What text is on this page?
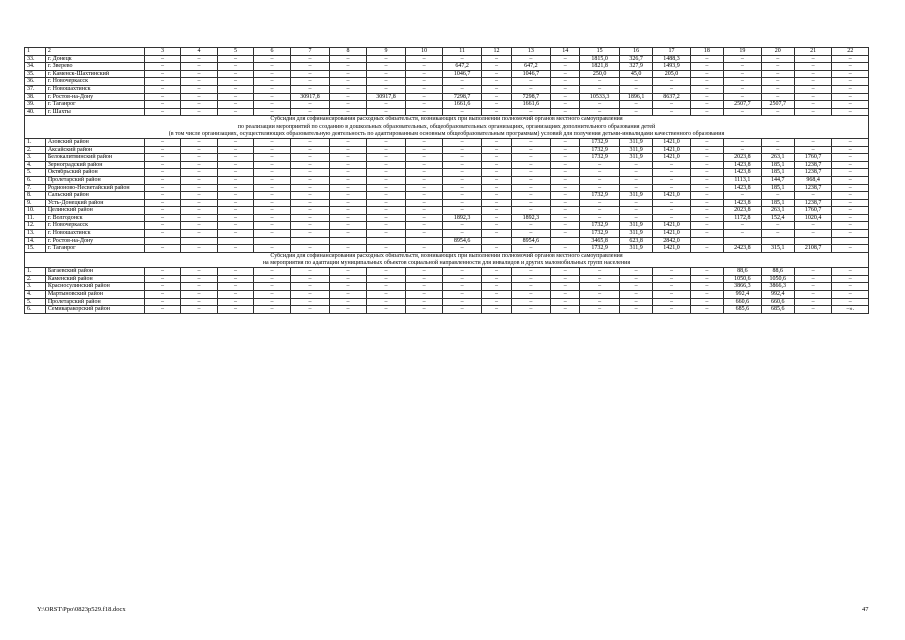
1	2	3	4	5	6	7	8	9	10	11	12	13	14	15	16	17	18	19	20	21	22
33.	г. Донецк	–	–	–	–	–	–	–	–	–	–	–	–	1815,0	326,7	1488,3	–	–	–	–	–
34.	г. Зверево	–	–	–	–	–	–	–	–	647,2	–	647,2	–	1821,8	327,9	1493,9	–	–	–	–	–
35.	г. Каменск-Шахтинский	–	–	–	–	–	–	–	–	1046,7	–	1046,7	–	250,0	45,0	205,0	–	–	–	–	–
36.	г. Новочеркасск	–	–	–	–	–	–	–	–	–	–	–	–	–	–	–	–	–	–	–	–
37.	г. Новошахтинск	–	–	–	–	–	–	–	–	–	–	–	–	–	–	–	–	–	–	–	–
38.	г. Ростов-на-Дону	–	–	–	–	30917,8	–	30917,8	–	7298,7	–	7298,7	–	10533,3	1896,1	8637,2	–	–	–	–	–
39.	г. Таганрог	–	–	–	–	–	–	–	–	1661,6	–	1661,6	–	–	–	–	–	2507,7	2507,7	–	–
40.	г. Шахты	–	–	–	–	–	–	–	–	–	–	–	–	–	–	–	–	–	–	–	–

Субсидия для софинансирования расходных обязательств, возникающих при выполнении полномочий органов местного самоуправления
по реализации мероприятий по созданию в дошкольных образовательных, общеобразовательных организациях, организациях дополнительного образования детей
(в том числе организациях, осуществляющих образовательную деятельность по адаптированным основным общеобразовательным программам) условий для получения детьми-инвалидами качественного образования																					

1.	Азовский район	–	–	–	–	–	–	–	–	–	–	–	–	1732,9	311,9	1421,0	–	–	–	–	–
2.	Аксайский район	–	–	–	–	–	–	–	–	–	–	–	–	1732,9	311,9	1421,0	–	–	–	–	–
3.	Белокалитвинский район	–	–	–	–	–	–	–	–	–	–	–	–	1732,9	311,9	1421,0	–	2023,8	263,1	1760,7	–
4.	Зерноградский район	–	–	–	–	–	–	–	–	–	–	–	–	–	–	–	–	1423,8	185,1	1238,7	–
5.	Октябрьский район	–	–	–	–	–	–	–	–	–	–	–	–	–	–	–	–	1423,8	185,1	1238,7	–
6.	Пролетарский район	–	–	–	–	–	–	–	–	–	–	–	–	–	–	–	–	1113,1	144,7	968,4	–
7.	Родионово-Несветайский район	–	–	–	–	–	–	–	–	–	–	–	–	–	–	–	–	1423,8	185,1	1238,7	–
8.	Сальский район	–	–	–	–	–	–	–	–	–	–	–	–	1732,9	311,9	1421,0	–	–	–	–	–
9.	Усть-Донецкий район	–	–	–	–	–	–	–	–	–	–	–	–	–	–	–	–	1423,8	185,1	1238,7	–
10.	Целинский район	–	–	–	–	–	–	–	–	–	–	–	–	–	–	–	–	2023,8	263,1	1760,7	–
11.	г. Волгодонск	–	–	–	–	–	–	–	–	1892,3	–	1892,3	–	–	–	–	–	1172,8	152,4	1020,4	–
12.	г. Новочеркасск	–	–	–	–	–	–	–	–	–	–	–	–	1732,9	311,9	1421,0	–	–	–	–	–
13.	г. Новошахтинск	–	–	–	–	–	–	–	–	–	–	–	–	1732,9	311,9	1421,0	–	–	–	–	–
14.	г. Ростов-на-Дону									8954,6		8954,6		3465,8	623,8	2842,0					
15.	г. Таганрог	–	–	–	–	–	–	–	–	–	–	–	–	1732,9	311,9	1421,0	–	2423,8	315,1	2108,7	–

Субсидия для софинансирования расходных обязательств, возникающих при выполнении полномочий органов местного самоуправления
на мероприятия по адаптации муниципальных объектов социальной направленности для инвалидов и других маломобильных групп населения																					

1.	Багаевский район	–	–	–	–	–	–	–	–	–	–	–	–	–	–	–	–	88,6	88,6	–	–
2.	Каменский район	–	–	–	–	–	–	–	–	–	–	–	–	–	–	–	–	1050,6	1050,6	–	–
3.	Красносулинский район	–	–	–	–	–	–	–	–	–	–	–	–	–	–	–	–	3866,3	3866,3	–	–
4.	Мартыновский район	–	–	–	–	–	–	–	–	–	–	–	–	–	–	–	–	992,4	992,4	–	–
5.	Пролетарский район	–	–	–	–	–	–	–	–	–	–	–	–	–	–	–	–	660,6	660,6	–	–
6.	Семикаракорский район	–	–	–	–	–	–	–	–	–	–	–	–	–	–	–	–	685,6	685,6	–	–».
Y:\ORST\Ppo\0823p529.f18.docx	47
